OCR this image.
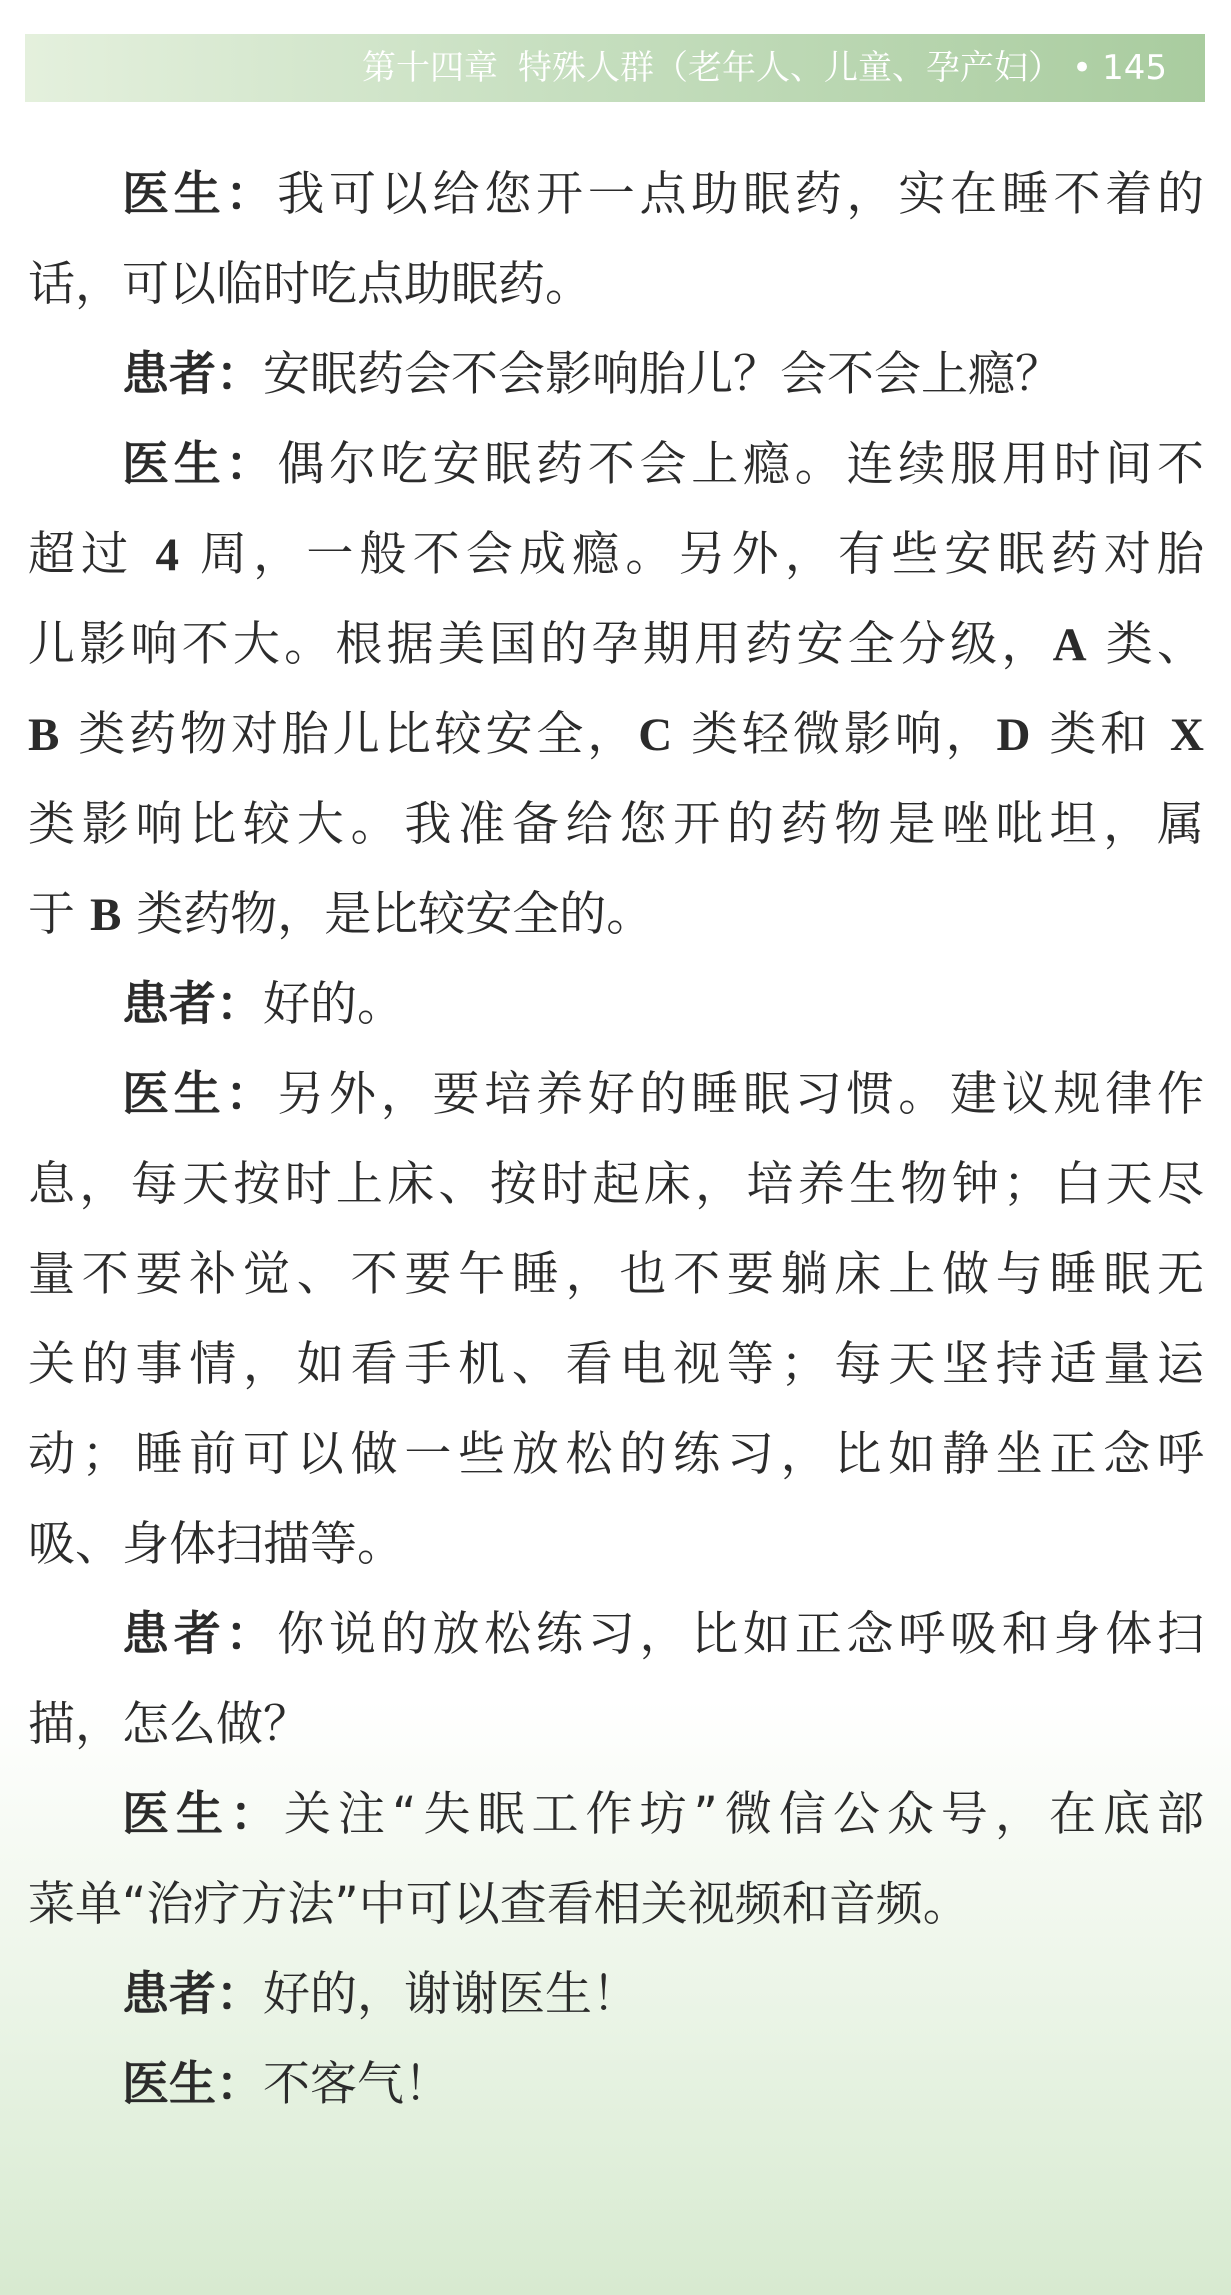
第十四章 特殊人群（老年人、儿童、孕产妇） • 145
医生：我可以给您开一点助眠药，实在睡不着的
话，可以临时吃点助眠药。
患者：安眠药会不会影响胎儿？会不会上瘾？
医生：偶尔吃安眠药不会上瘾。连续服用时间不
超过 4 周，一般不会成瘾。另外，有些安眠药对胎
儿影响不大。根据美国的孕期用药安全分级，A 类、
B 类药物对胎儿比较安全，C 类轻微影响，D 类和 X
类影响比较大。我准备给您开的药物是唑吡坦，属
于 B 类药物，是比较安全的。
患者：好的。
医生：另外，要培养好的睡眠习惯。建议规律作
息，每天按时上床、按时起床，培养生物钟；白天尽
量不要补觉、不要午睡，也不要躺床上做与睡眠无
关的事情，如看手机、看电视等；每天坚持适量运
动；睡前可以做一些放松的练习，比如静坐正念呼
吸、身体扫描等。
患者：你说的放松练习，比如正念呼吸和身体扫
描，怎么做？
医生：关注“失眠工作坊”微信公众号，在底部
菜单“治疗方法”中可以查看相关视频和音频。
患者：好的，谢谢医生！
医生：不客气！
